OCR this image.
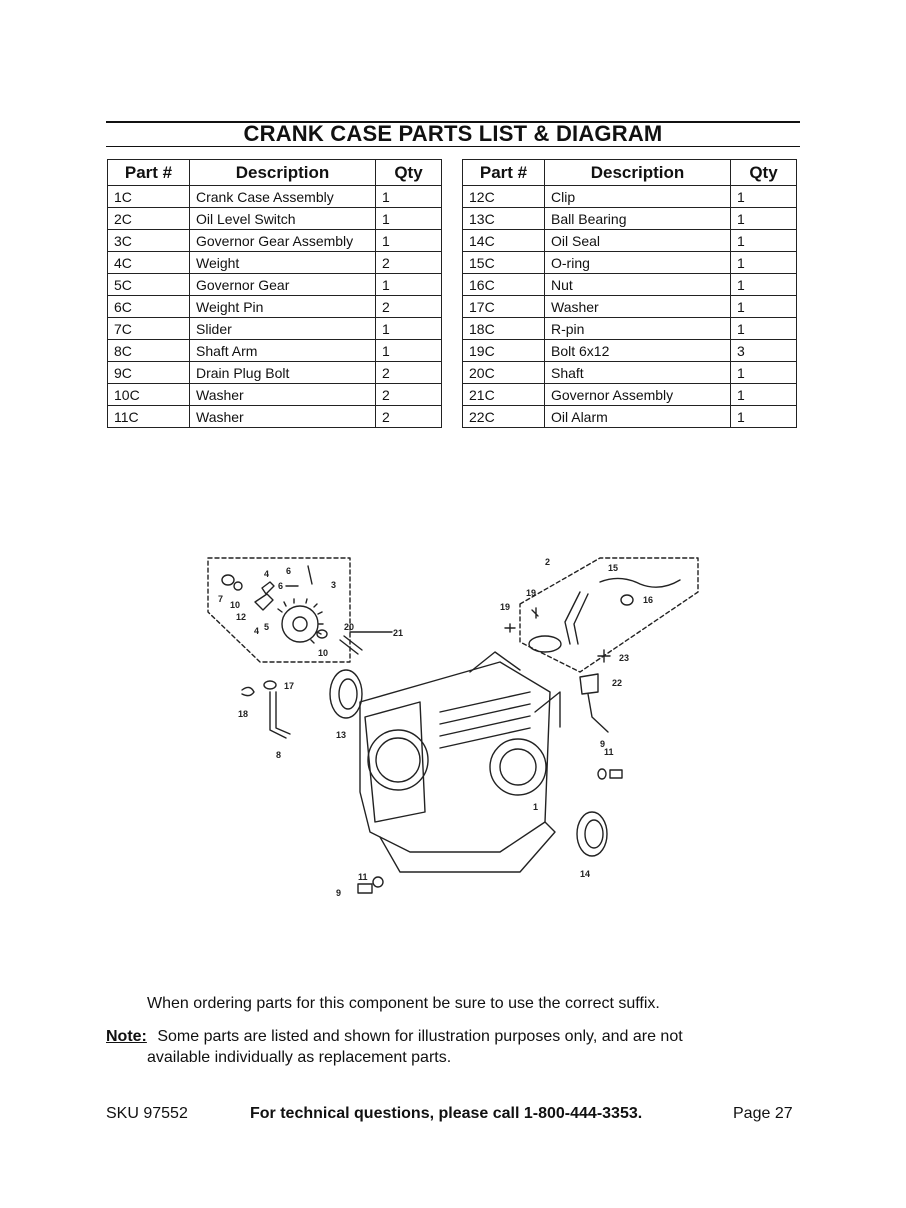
CRANK CASE PARTS LIST & DIAGRAM
Part #	Description	Qty
1C	Crank Case Assembly	1
2C	Oil Level Switch	1
3C	Governor Gear Assembly	1
4C	Weight	2
5C	Governor Gear	1
6C	Weight Pin	2
7C	Slider	1
8C	Shaft Arm	1
9C	Drain Plug Bolt	2
10C	Washer	2
11C	Washer	2
Part #	Description	Qty
12C	Clip	1
13C	Ball Bearing	1
14C	Oil Seal	1
15C	O-ring	1
16C	Nut	1
17C	Washer	1
18C	R-pin	1
19C	Bolt 6x12	3
20C	Shaft	1
21C	Governor Assembly	1
22C	Oil Alarm	1
1
2
3
4
4 5
6
6
7
8
9
9
10
10
11
11
12
13
14
15
16
17
18
19
19
20
21
22
23
When ordering parts for this component be sure to use the correct suffix.
Note: Some parts are listed and shown for illustration purposes only, and are not
available individually as replacement parts.
SKU 97552	For technical questions, please call 1-800-444-3353.	Page 27
